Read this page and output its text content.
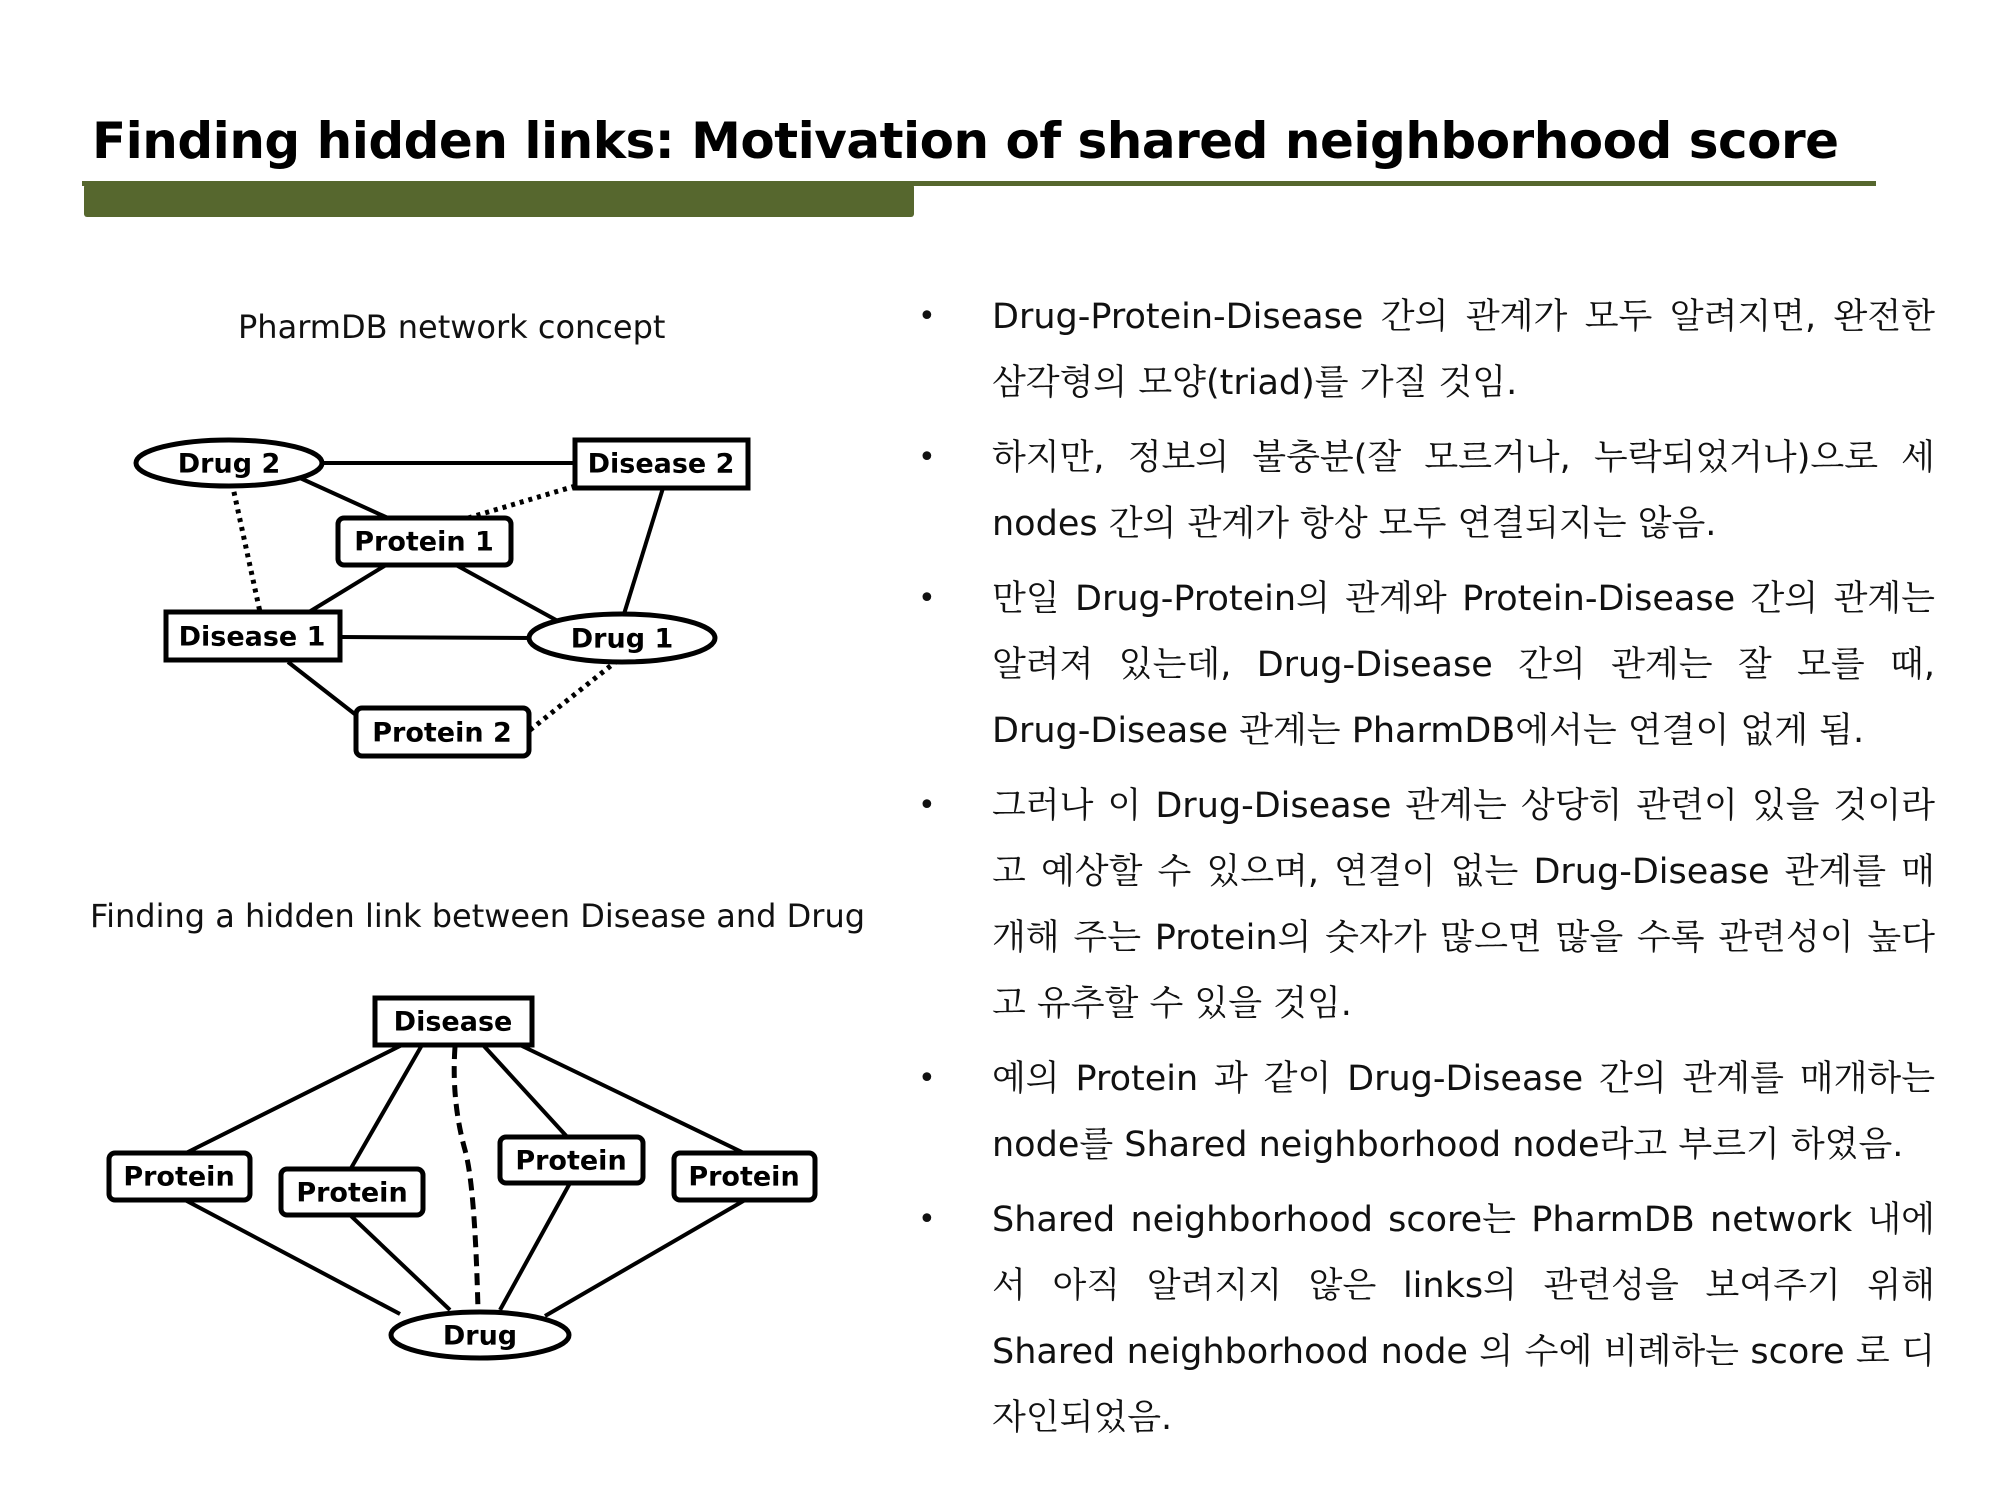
Finding hidden links: Motivation of shared neighborhood score
PharmDB network concept
Finding a hidden link between Disease and Drug
Drug 2	Disease 2
Protein 1
Disease 1	Drug 1
Protein 2
Disease
Protein
Protein
Protein
Protein
Drug
• Drug-Protein-Disease 간의 관계가 모두 알려지면, 완전한 삼각형의 모양(triad)를 가질 것임.
• 하지만, 정보의 불충분(잘 모르거나, 누락되었거나)으로 세 nodes 간의 관계가 항상 모두 연결되지는 않음.
• 만일 Drug-Protein의 관계와 Protein-Disease 간의 관계는 알려져 있는데, Drug-Disease 간의 관계는 잘 모를 때, Drug-Disease 관계는 PharmDB에서는 연결이 없게 됨.
• 그러나 이 Drug-Disease 관계는 상당히 관련이 있을 것이라고 예상할 수 있으며, 연결이 없는 Drug-Disease 관계를 매개해 주는 Protein의 숫자가 많으면 많을 수록 관련성이 높다고 유추할 수 있을 것임.
• 예의 Protein 과 같이 Drug-Disease 간의 관계를 매개하는 node를 Shared neighborhood node라고 부르기 하였음.
• Shared neighborhood score는 PharmDB network 내에서 아직 알려지지 않은 links의 관련성을 보여주기 위해 Shared neighborhood node 의 수에 비례하는 score 로 디자인되었음.
